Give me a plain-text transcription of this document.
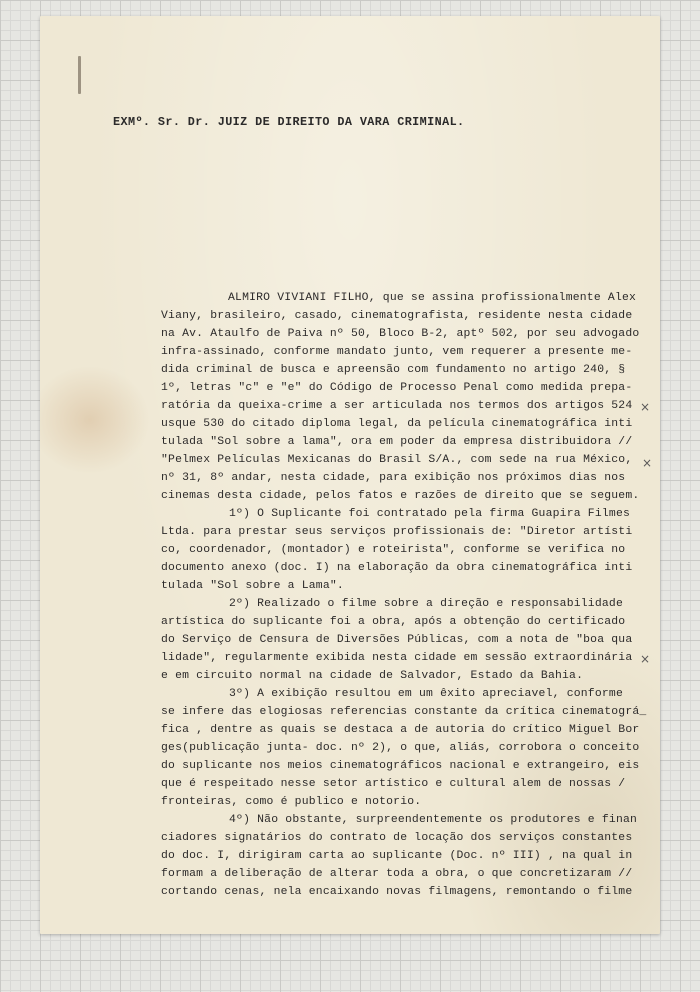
EXMº. Sr. Dr. JUIZ DE DIREITO DA VARA CRIMINAL.
ALMIRO VIVIANI FILHO, que se assina profissionalmente Alex
Viany, brasileiro, casado, cinematografista, residente nesta cidade
na Av. Ataulfo de Paiva nº 50, Bloco B-2, aptº 502, por seu advogado
infra-assinado, conforme mandato junto, vem requerer a presente me-
dida criminal de busca e apreensão com fundamento no artigo 240, §
1º, letras "c" e "e" do Código de Processo Penal como medida prepa-
ratória da queixa-crime a ser articulada nos termos dos artigos 524
usque 530 do citado diploma legal, da película cinematográfica inti
tulada "Sol sobre a lama", ora em poder da empresa distribuidora //
"Pelmex Películas Mexicanas do Brasil S/A., com sede na rua México,
nº 31, 8º andar, nesta cidade, para exibição nos próximos dias nos
cinemas desta cidade, pelos fatos e razões de direito que se seguem.
1º) O Suplicante foi contratado pela firma Guapira Filmes
Ltda. para prestar seus serviços profissionais de: "Diretor artísti
co, coordenador, (montador) e roteirista", conforme se verifica no
documento anexo (doc. I) na elaboração da obra cinematográfica inti
tulada "Sol sobre a Lama".
2º) Realizado o filme sobre a direção e responsabilidade
artística do suplicante foi a obra, após a obtenção do certificado
do Serviço de Censura de Diversões Públicas, com a nota de "boa qua
lidade", regularmente exibida nesta cidade em sessão extraordinária
e em circuito normal na cidade de Salvador, Estado da Bahia.
3º) A exibição resultou em um êxito apreciavel, conforme
se infere das elogiosas referencias constante da crítica cinematográ_
fica , dentre as quais se destaca a de autoria do crítico Miguel Bor
ges(publicação junta- doc. nº 2), o que, aliás, corrobora o conceito
do suplicante nos meios cinematográficos nacional e extrangeiro, eis
que é respeitado nesse setor artístico e cultural alem de nossas /
fronteiras, como é publico e notorio.
4º) Não obstante, surpreendentemente os produtores e finan
ciadores signatários do contrato de locação dos serviços constantes
do doc. I, dirigiram carta ao suplicante (Doc. nº III) , na qual in
formam a deliberação de alterar toda a obra, o que concretizaram //
cortando cenas, nela encaixando novas filmagens, remontando o filme
×
×
×
